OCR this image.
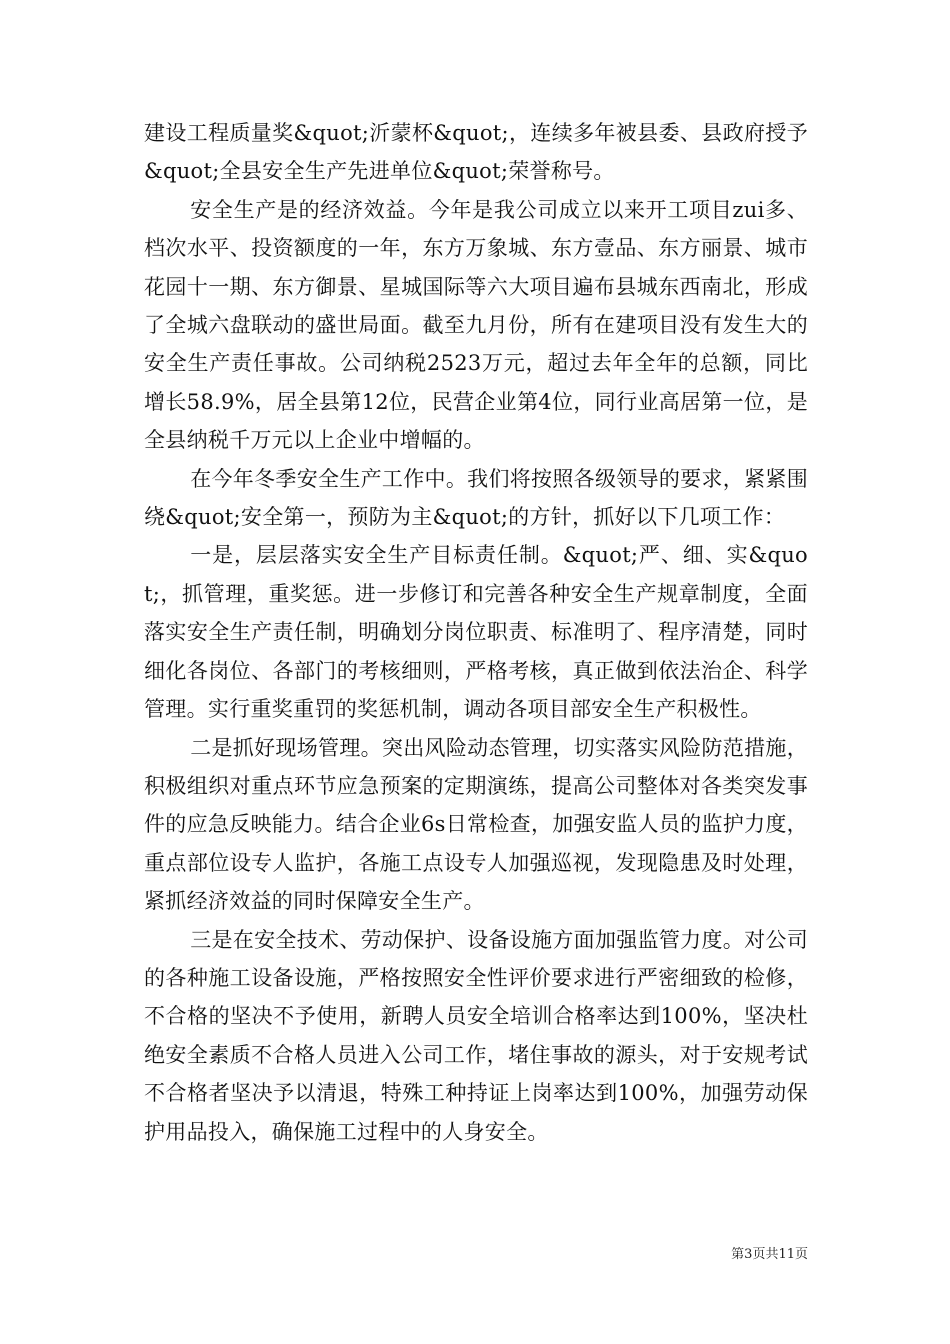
建设工程质量奖&quot;沂蒙杯&quot;，连续多年被县委、县政府授予&quot;全县安全生产先进单位&quot;荣誉称号。

安全生产是的经济效益。今年是我公司成立以来开工项目zui多、档次水平、投资额度的一年，东方万象城、东方壹品、东方丽景、城市花园十一期、东方御景、星城国际等六大项目遍布县城东西南北，形成了全城六盘联动的盛世局面。截至九月份，所有在建项目没有发生大的安全生产责任事故。公司纳税2523万元，超过去年全年的总额，同比增长58.9%，居全县第12位，民营企业第4位，同行业高居第一位，是全县纳税千万元以上企业中增幅的。

在今年冬季安全生产工作中。我们将按照各级领导的要求，紧紧围绕&quot;安全第一，预防为主&quot;的方针，抓好以下几项工作：

一是，层层落实安全生产目标责任制。&quot;严、细、实&quot;，抓管理，重奖惩。进一步修订和完善各种安全生产规章制度，全面落实安全生产责任制，明确划分岗位职责、标准明了、程序清楚，同时细化各岗位、各部门的考核细则，严格考核，真正做到依法治企、科学管理。实行重奖重罚的奖惩机制，调动各项目部安全生产积极性。

二是抓好现场管理。突出风险动态管理，切实落实风险防范措施，积极组织对重点环节应急预案的定期演练，提高公司整体对各类突发事件的应急反映能力。结合企业6s日常检查，加强安监人员的监护力度，重点部位设专人监护，各施工点设专人加强巡视，发现隐患及时处理，紧抓经济效益的同时保障安全生产。

三是在安全技术、劳动保护、设备设施方面加强监管力度。对公司的各种施工设备设施，严格按照安全性评价要求进行严密细致的检修，不合格的坚决不予使用，新聘人员安全培训合格率达到100%，坚决杜绝安全素质不合格人员进入公司工作，堵住事故的源头，对于安规考试不合格者坚决予以清退，特殊工种持证上岗率达到100%，加强劳动保护用品投入，确保施工过程中的人身安全。

第3页共11页
